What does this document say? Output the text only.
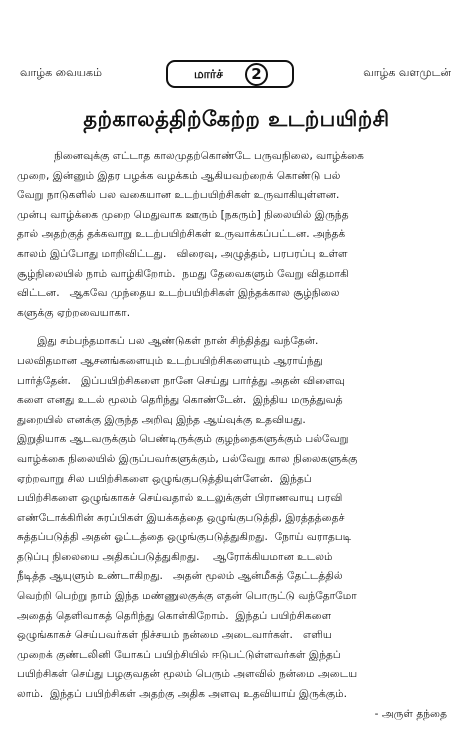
வாழ்க வையகம்	மார்ச்	2	வாழ்க வளமுடன்
தற்காலத்திற்கேற்ற உடற்பயிற்சி

நினைவுக்கு எட்டாத காலமுதற்கொண்டே பருவநிலை, வாழ்க்கை

முறை, இன்னும் இதர பழக்க வழக்கம் ஆகியவற்றைக் கொண்டு பல்

வேறு நாடுகளில் பல வகையான உடற்பயிற்சிகள் உருவாகியுள்ளன.

முன்பு வாழ்க்கை முறை மெதுவாக ஊரும் [நகரும்] நிலையில் இருந்த

தால் அதற்குத் தக்கவாறு உடற்பயிற்சிகள் உருவாக்கப்பட்டன. அந்தக்

காலம் இப்போது மாறிவிட்டது.   விரைவு, அழுத்தம், பரபரப்பு உள்ள

சூழ்நிலையில் நாம் வாழ்கிறோம்.  நமது தேவைகளும் வேறு விதமாகி

விட்டன.   ஆகவே முந்தைய உடற்பயிற்சிகள் இந்தக்கால சூழ்நிலை

களுக்கு ஏற்றவையாகா.

இது சம்பந்தமாகப் பல ஆண்டுகள் நான் சிந்தித்து வந்தேன்.

பலவிதமான ஆசனங்களையும் உடற்பயிற்சிகளையும் ஆராய்ந்து

பார்த்தேன்.   இப்பயிற்சிகளை நானே செய்து பார்த்து அதன் விளைவு

களை எனது உடல் மூலம் தெரிந்து கொண்டேன்.  இந்திய மருத்துவத்

துறையில் எனக்கு இருந்த அறிவு இந்த ஆய்வுக்கு உதவியது.

இறுதியாக ஆடவருக்கும் பெண்டிருக்கும் குழந்தைகளுக்கும் பல்வேறு

வாழ்க்கை நிலையில் இருப்பவர்களுக்கும், பல்வேறு கால நிலைகளுக்கு

ஏற்றவாறு சில பயிற்சிகளை ஒழுங்குபடுத்தியுள்ளேன்.  இந்தப்

பயிற்சிகளை ஒழுங்காகச் செய்வதால் உடலுக்குள் பிராணவாயு பரவி

எண்டோக்கிரின் சுரப்பிகள் இயக்கத்தை ஒழுங்குபடுத்தி, இரத்தத்தைச்

சுத்தப்படுத்தி அதன் ஓட்டத்தை ஒழுங்குபடுத்துகிறது.  நோய் வராதபடி

தடுப்பு நிலையை அதிகப்படுத்துகிறது.    ஆரோக்கியமான உடலம்

நீடித்த ஆயுளும் உண்டாகிறது.   அதன் மூலம் ஆன்மீகத் தேட்டத்தில்

வெற்றி பெற்று நாம் இந்த மண்ணுலகுக்கு எதன் பொருட்டு வந்தோமோ

அதைத் தெளிவாகத் தெரிந்து கொள்கிறோம்.  இந்தப் பயிற்சிகளை

ஒழுங்காகச் செய்பவர்கள் நிச்சயம் நன்மை அடைவார்கள்.   எளிய

முறைக் குண்டலினி யோகப் பயிற்சியில் ஈடுபட்டுள்ளவர்கள் இந்தப்

பயிற்சிகள் செய்து பழகுவதன் மூலம் பெரும் அளவில் நன்மை அடைய

லாம்.  இந்தப் பயிற்சிகள் அதற்கு அதிக அளவு உதவியாய் இருக்கும்.

- அருள் தந்தை
